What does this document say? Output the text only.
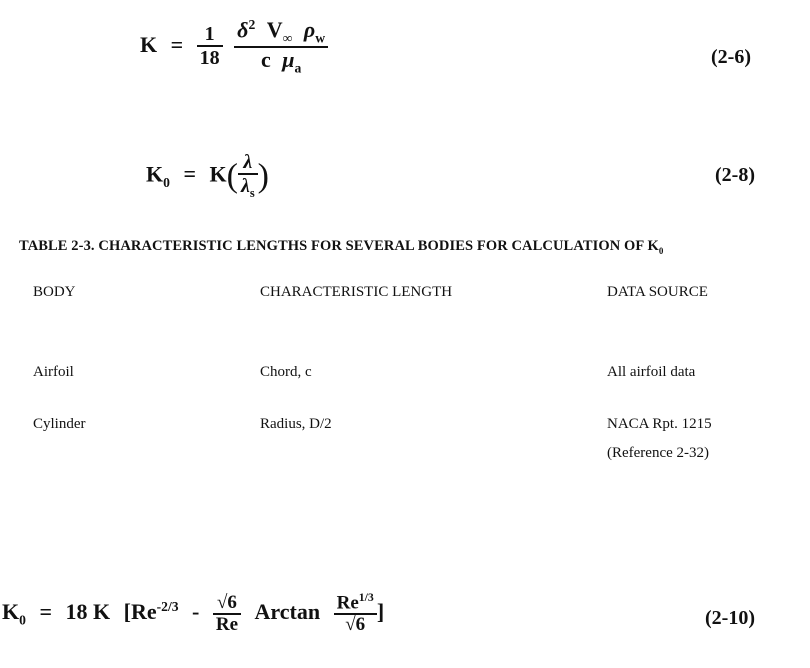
$K = \frac{1}{18}$
$\frac{\delta^2 V_\infty \rho_w}{c \mu_a}$	(2-6)
$K_0 = K( \frac{\lambda}{\lambda_s}$ )	(2-8)
TABLE 2-3. CHARACTERISTIC LENGTHS FOR SEVERAL BODIES FOR CALCULATION OF $K_0$
BODY	CHARACTERISTIC LENGTH	DATA SOURCE
Airfoil	Chord, c	All airfoil data
Cylinder	Radius, D/2	NACA Rpt. 1215
(Reference 2-32)
$K_0 = 18$ K [$Re^{-2/3} - \frac{√6}{Re}$ Arctan $\frac{Re^{1/3}}{√6}$ ]	(2-10)
